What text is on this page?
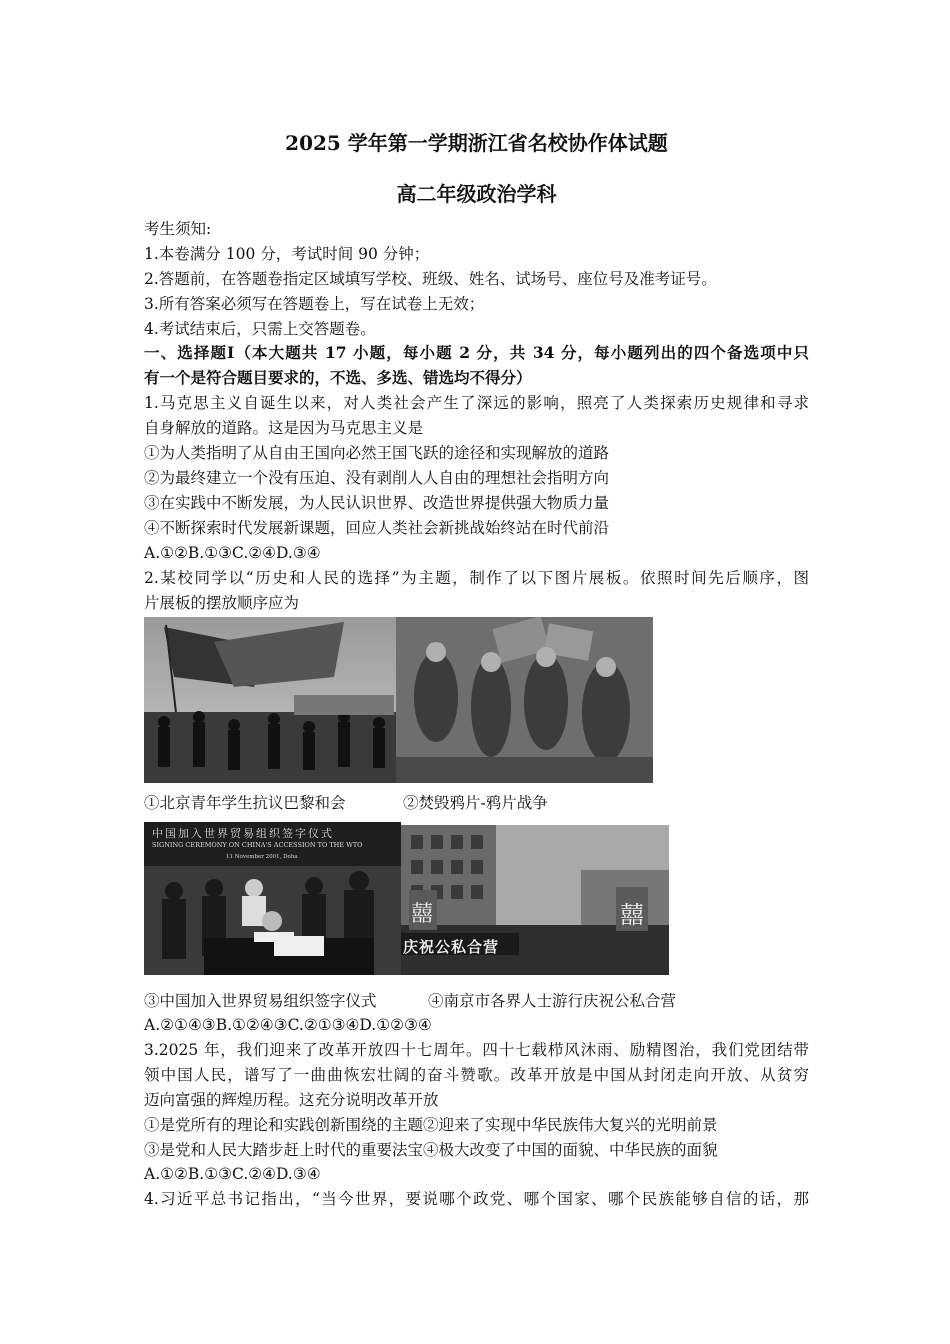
2025 学年第一学期浙江省名校协作体试题
高二年级政治学科
考生须知:
1.本卷满分 100 分，考试时间 90 分钟；
2.答题前，在答题卷指定区域填写学校、班级、姓名、试场号、座位号及准考证号。
3.所有答案必须写在答题卷上，写在试卷上无效；
4.考试结束后，只需上交答题卷。
一、选择题Ⅰ（本大题共 17 小题，每小题 2 分，共 34 分，每小题列出的四个备选项中只
有一个是符合题目要求的，不选、多选、错选均不得分）
1.马克思主义自诞生以来，对人类社会产生了深远的影响，照亮了人类探索历史规律和寻求
自身解放的道路。这是因为马克思主义是
①为人类指明了从自由王国向必然王国飞跃的途径和实现解放的道路
②为最终建立一个没有压迫、没有剥削人人自由的理想社会指明方向
③在实践中不断发展，为人民认识世界、改造世界提供强大物质力量
④不断探索时代发展新课题，回应人类社会新挑战始终站在时代前沿
A.①②B.①③C.②④D.③④
2.某校同学以“历史和人民的选择”为主题，制作了以下图片展板。依照时间先后顺序，图
片展板的摆放顺序应为
①北京青年学生抗议巴黎和会	②焚毁鸦片-鸦片战争
中国加入世界贸易组织签字仪式
SIGNING CEREMONY ON CHINA'S ACCESSION TO THE WTO
11 November 2001, Doha
庆祝公私合营
囍	囍
③中国加入世界贸易组织签字仪式	④南京市各界人士游行庆祝公私合营
A.②①④③B.①②④③C.②①③④D.①②③④
3.2025 年，我们迎来了改革开放四十七周年。四十七载栉风沐雨、励精图治，我们党团结带
领中国人民，谱写了一曲曲恢宏壮阔的奋斗赞歌。改革开放是中国从封闭走向开放、从贫穷
迈向富强的辉煌历程。这充分说明改革开放
①是党所有的理论和实践创新围绕的主题②迎来了实现中华民族伟大复兴的光明前景
③是党和人民大踏步赶上时代的重要法宝④极大改变了中国的面貌、中华民族的面貌
A.①②B.①③C.②④D.③④
4.习近平总书记指出，“当今世界，要说哪个政党、哪个国家、哪个民族能够自信的话，那
